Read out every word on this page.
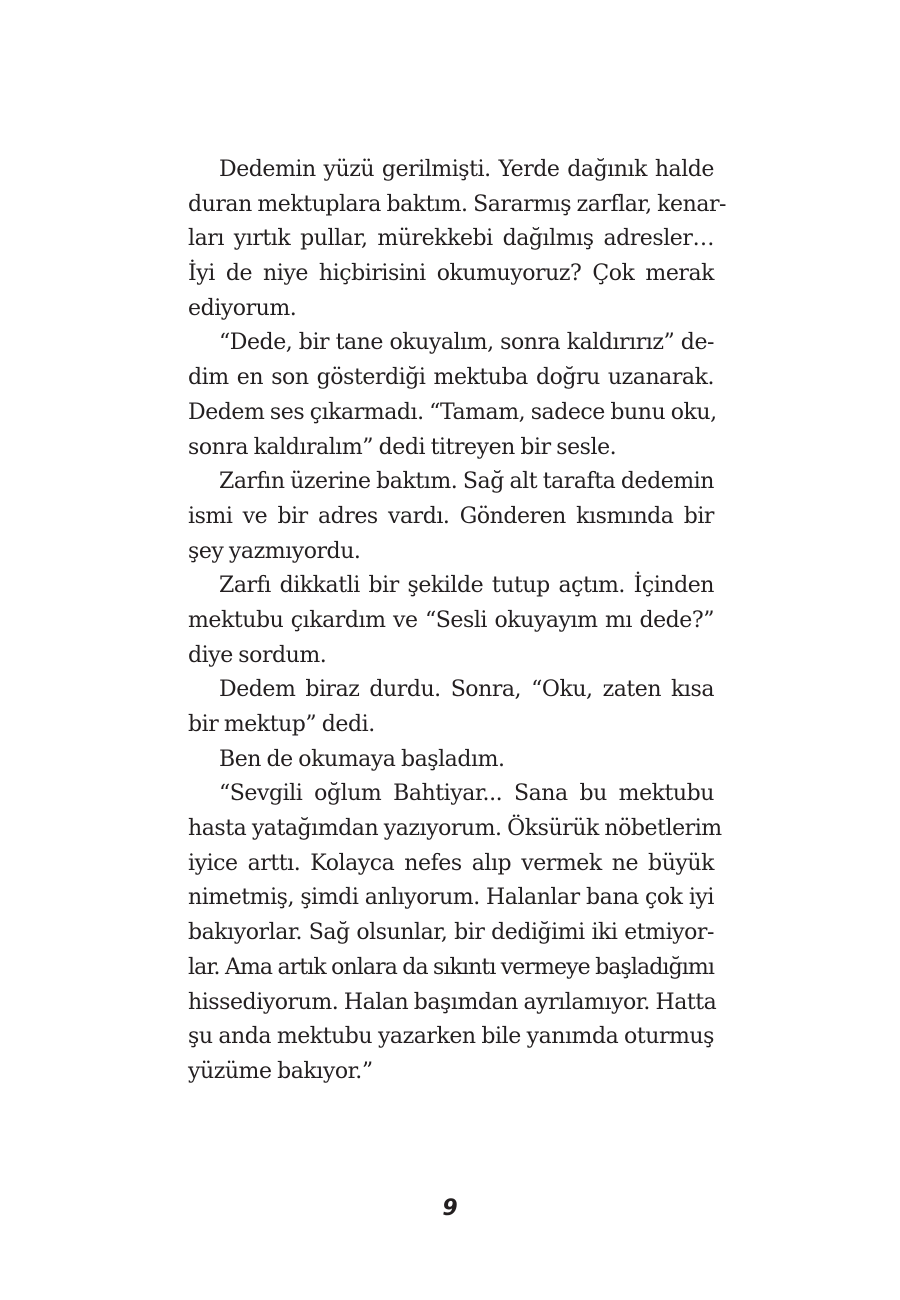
Dedemin yüzü gerilmişti. Yerde dağınık halde
duran mektuplara baktım. Sararmış zarflar, kenar-
ları yırtık pullar, mürekkebi dağılmış adresler…
İyi de niye hiçbirisini okumuyoruz? Çok merak
ediyorum.
“Dede, bir tane okuyalım, sonra kaldırırız” de-
dim en son gösterdiği mektuba doğru uzanarak.
Dedem ses çıkarmadı. “Tamam, sadece bunu oku,
sonra kaldıralım” dedi titreyen bir sesle.
Zarfın üzerine baktım. Sağ alt tarafta dedemin
ismi ve bir adres vardı. Gönderen kısmında bir
şey yazmıyordu.
Zarfı dikkatli bir şekilde tutup açtım. İçinden
mektubu çıkardım ve “Sesli okuyayım mı dede?”
diye sordum.
Dedem biraz durdu. Sonra, “Oku, zaten kısa
bir mektup” dedi.
Ben de okumaya başladım.
“Sevgili oğlum Bahtiyar... Sana bu mektubu
hasta yatağımdan yazıyorum. Öksürük nöbetlerim
iyice arttı. Kolayca nefes alıp vermek ne büyük
nimetmiş, şimdi anlıyorum. Halanlar bana çok iyi
bakıyorlar. Sağ olsunlar, bir dediğimi iki etmiyor-
lar. Ama artık onlara da sıkıntı vermeye başladığımı
hissediyorum. Halan başımdan ayrılamıyor. Hatta
şu anda mektubu yazarken bile yanımda oturmuş
yüzüme bakıyor.”
9
